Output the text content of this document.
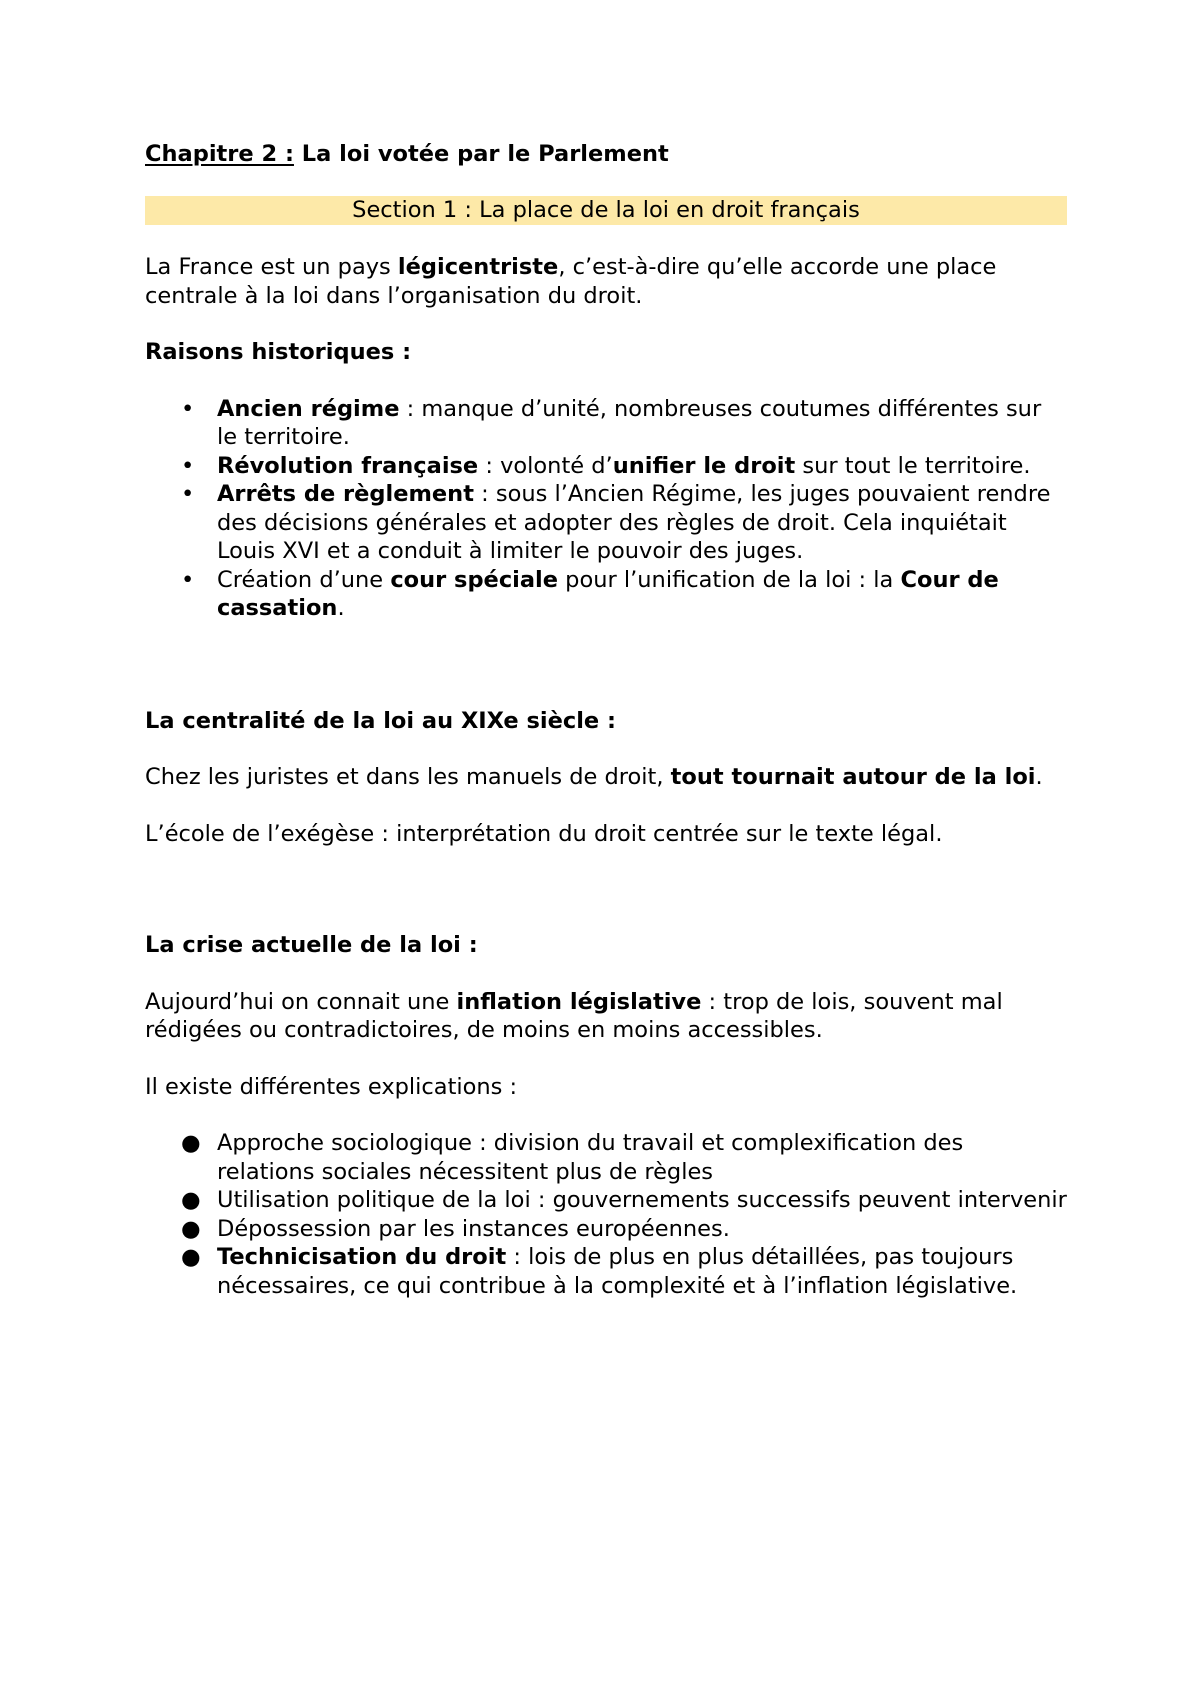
Chapitre 2 : La loi votée par le Parlement
Section 1 : La place de la loi en droit français

La France est un pays légicentriste, c’est-à-dire qu’elle accorde une place centrale à la loi dans l’organisation du droit.

Raisons historiques :

• Ancien régime : manque d’unité, nombreuses coutumes différentes sur le territoire.
• Révolution française : volonté d’unifier le droit sur tout le territoire.
• Arrêts de règlement : sous l’Ancien Régime, les juges pouvaient rendre des décisions générales et adopter des règles de droit. Cela inquiétait Louis XVI et a conduit à limiter le pouvoir des juges.
• Création d’une cour spéciale pour l’unification de la loi : la Cour de cassation.

La centralité de la loi au XIXe siècle :

Chez les juristes et dans les manuels de droit, tout tournait autour de la loi.

L’école de l’exégèse : interprétation du droit centrée sur le texte légal.

La crise actuelle de la loi :

Aujourd’hui on connait une inflation législative : trop de lois, souvent mal rédigées ou contradictoires, de moins en moins accessibles.

Il existe différentes explications :

● Approche sociologique : division du travail et complexification des relations sociales nécessitent plus de règles
● Utilisation politique de la loi : gouvernements successifs peuvent intervenir
● Dépossession par les instances européennes.
● Technicisation du droit : lois de plus en plus détaillées, pas toujours nécessaires, ce qui contribue à la complexité et à l’inflation législative.
